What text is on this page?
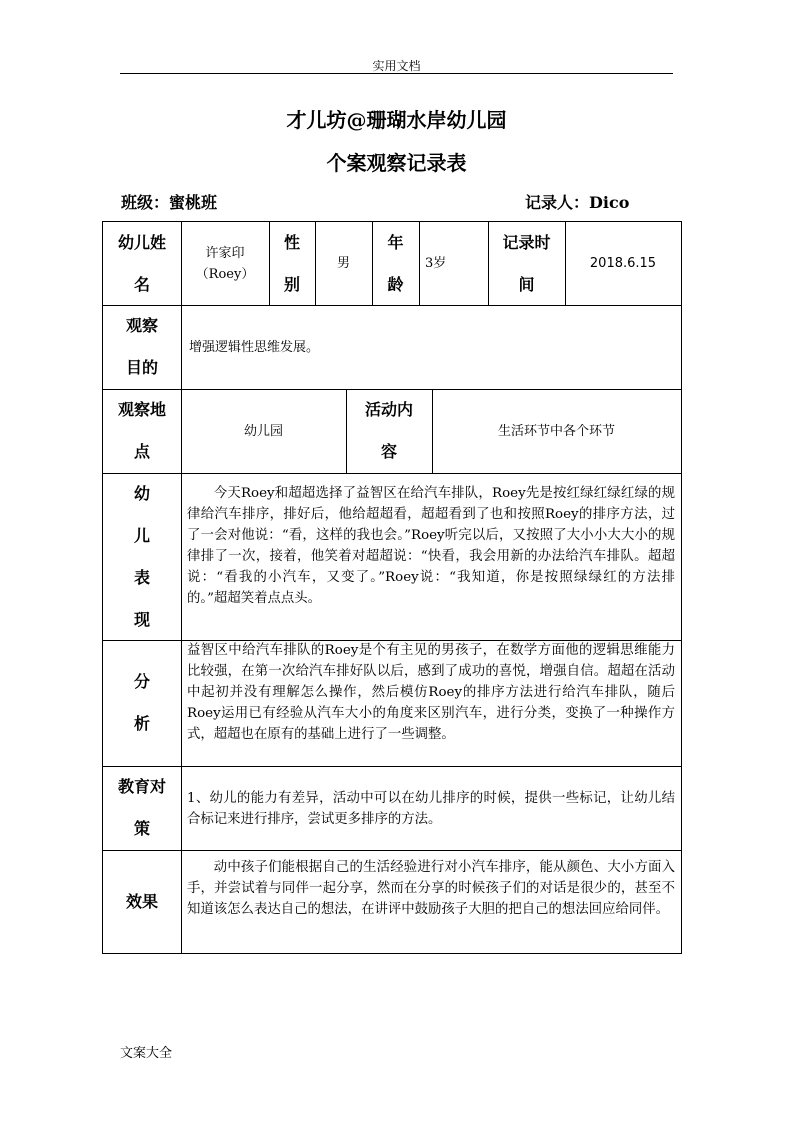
实用文档
才儿坊@珊瑚水岸幼儿园
个案观察记录表
班级：蜜桃班	记录人：Dico
幼儿姓名
许家印
（Roey）
性别
男
年龄
3岁
记录时间
2018.6.15
观察目的
增强逻辑性思维发展。
观察地点
幼儿园
活动内容
生活环节中各个环节
幼儿表现
今天Roey和超超选择了益智区在给汽车排队，Roey先是按红绿红绿红绿的规律给汽车排序，排好后，他给超超看，超超看到了也和按照Roey的排序方法，过了一会对他说：“看，这样的我也会。”Roey听完以后，又按照了大小小大大小的规律排了一次，接着，他笑着对超超说：“快看，我会用新的办法给汽车排队。超超说：“看我的小汽车，又变了。”Roey说：“我知道，你是按照绿绿红的方法排的。”超超笑着点点头。
分析
益智区中给汽车排队的Roey是个有主见的男孩子，在数学方面他的逻辑思维能力比较强，在第一次给汽车排好队以后，感到了成功的喜悦，增强自信。超超在活动中起初并没有理解怎么操作，然后模仿Roey的排序方法进行给汽车排队，随后Roey运用已有经验从汽车大小的角度来区别汽车，进行分类，变换了一种操作方式，超超也在原有的基础上进行了一些调整。
教育对策
1、幼儿的能力有差异，活动中可以在幼儿排序的时候，提供一些标记，让幼儿结合标记来进行排序，尝试更多排序的方法。
效果
动中孩子们能根据自己的生活经验进行对小汽车排序，能从颜色、大小方面入手，并尝试着与同伴一起分享，然而在分享的时候孩子们的对话是很少的，甚至不知道该怎么表达自己的想法，在讲评中鼓励孩子大胆的把自己的想法回应给同伴。
文案大全
